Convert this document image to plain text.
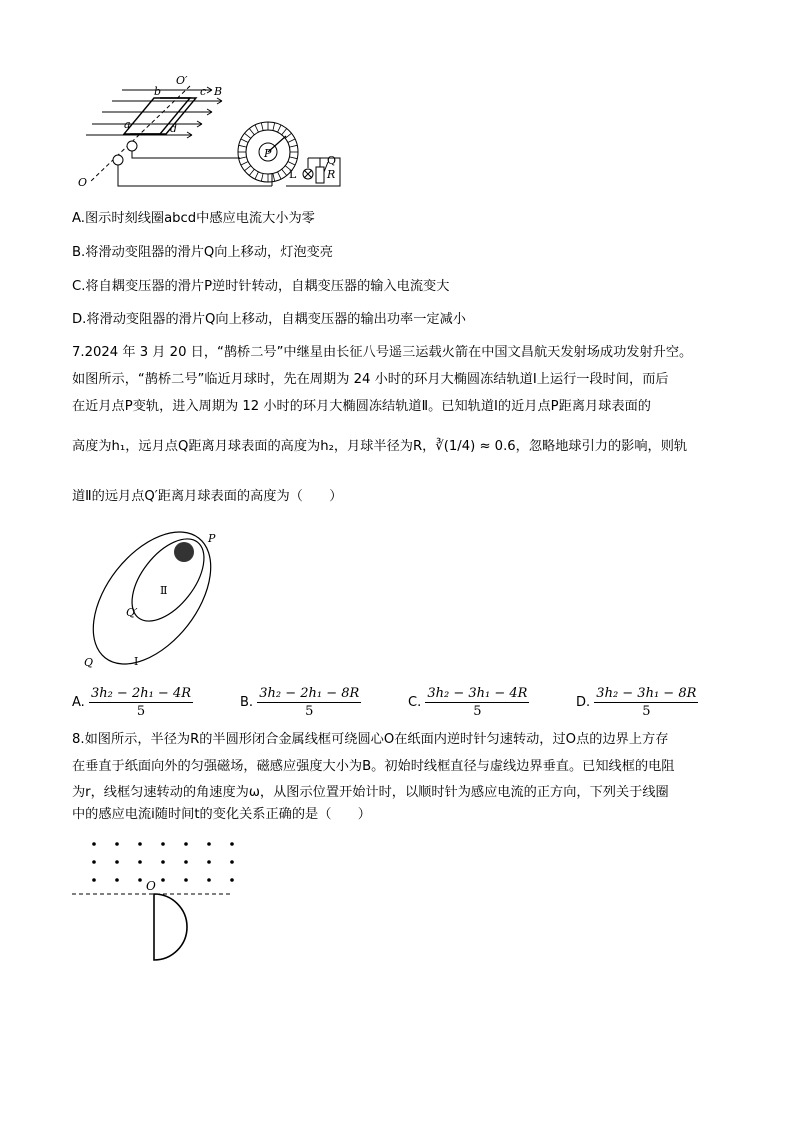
P
O′
b	c B
a	d
O
L	R
Q
A.图示时刻线圈abcd中感应电流大小为零
B.将滑动变阻器的滑片Q向上移动，灯泡变亮
C.将自耦变压器的滑片P逆时针转动，自耦变压器的输入电流变大
D.将滑动变阻器的滑片Q向上移动，自耦变压器的输出功率一定减小
7.2024 年 3 月 20 日，“鹊桥二号”中继星由长征八号遥三运载火箭在中国文昌航天发射场成功发射升空。
如图所示，“鹊桥二号”临近月球时，先在周期为 24 小时的环月大椭圆冻结轨道Ⅰ上运行一段时间，而后
在近月点P变轨，进入周期为 12 小时的环月大椭圆冻结轨道Ⅱ。已知轨道Ⅰ的近月点P距离月球表面的
高度为h₁，远月点Q距离月球表面的高度为h₂，月球半径为R，∛(1/4) ≈ 0.6，忽略地球引力的影响，则轨
道Ⅱ的远月点Q′距离月球表面的高度为（　　）
P
Ⅱ
Q′
Q	Ⅰ
A. $\frac{\text{3h₂ − 2h₁ − 4R}}{5}$	B. $\frac{\text{3h₂ − 2h₁ − 8R}}{5}$	C. $\frac{\text{3h₂ − 3h₁ − 4R}}{5}$	D. $\frac{\text{3h₂ − 3h₁ − 8R}}{5}$
8.如图所示，半径为R的半圆形闭合金属线框可绕圆心O在纸面内逆时针匀速转动，过O点的边界上方存
在垂直于纸面向外的匀强磁场，磁感应强度大小为B。初始时线框直径与虚线边界垂直。已知线框的电阻
为r，线框匀速转动的角速度为ω，从图示位置开始计时，以顺时针为感应电流的正方向，下列关于线圈
中的感应电流i随时间t的变化关系正确的是（　　）
O
